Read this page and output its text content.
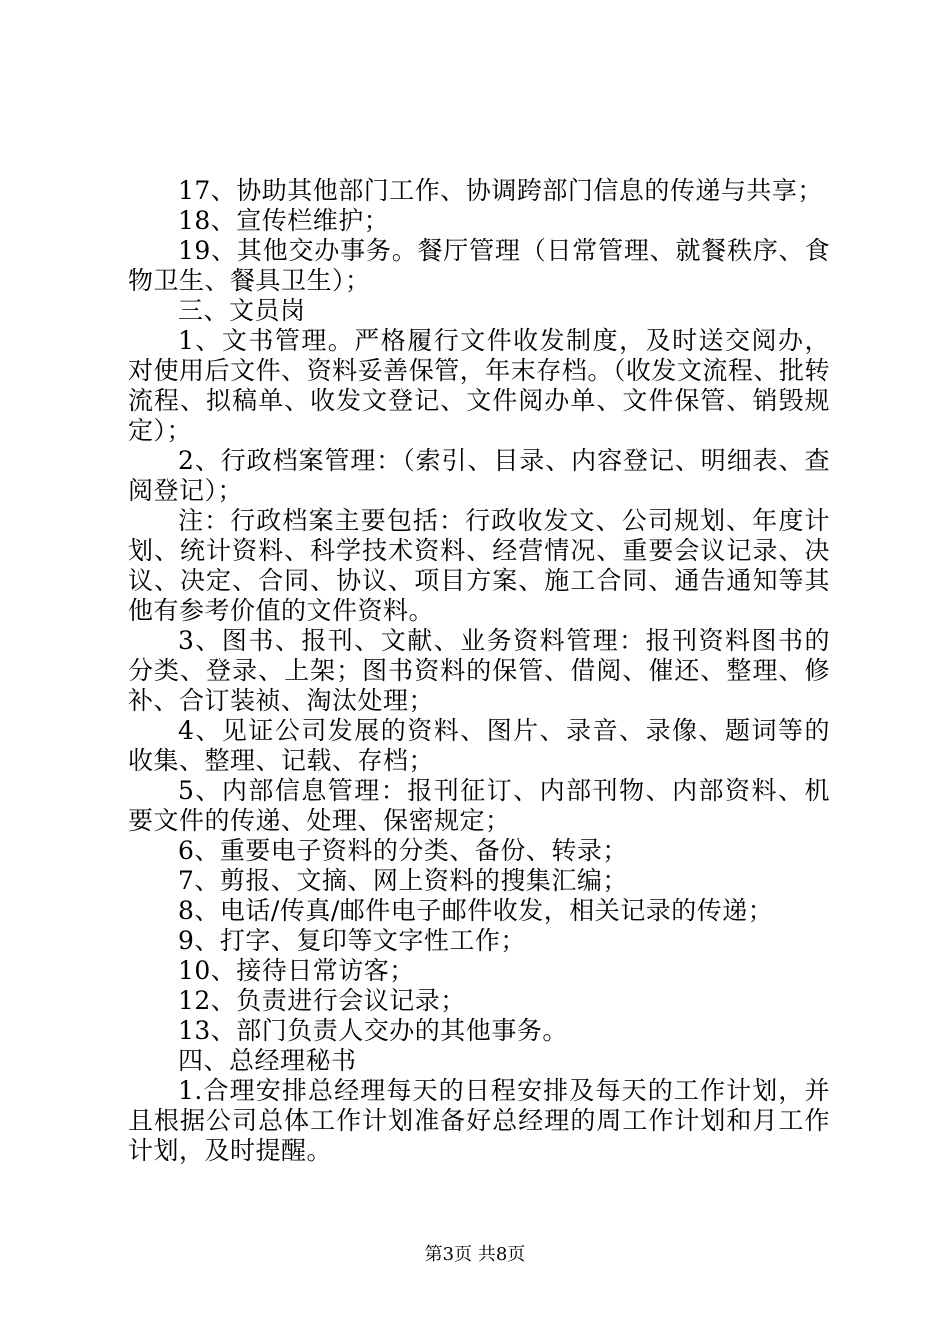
17、协助其他部门工作、协调跨部门信息的传递与共享；

18、宣传栏维护；

19、其他交办事务。餐厅管理（日常管理、就餐秩序、食物卫生、餐具卫生）；

三、文员岗

1、文书管理。严格履行文件收发制度，及时送交阅办，对使用后文件、资料妥善保管，年末存档。（收发文流程、批转流程、拟稿单、收发文登记、文件阅办单、文件保管、销毁规定）；

2、行政档案管理：（索引、目录、内容登记、明细表、查阅登记）；

注：行政档案主要包括：行政收发文、公司规划、年度计划、统计资料、科学技术资料、经营情况、重要会议记录、决议、决定、合同、协议、项目方案、施工合同、通告通知等其他有参考价值的文件资料。

3、图书、报刊、文献、业务资料管理：报刊资料图书的分类、登录、上架；图书资料的保管、借阅、催还、整理、修补、合订装祯、淘汰处理；

4、见证公司发展的资料、图片、录音、录像、题词等的收集、整理、记载、存档；

5、内部信息管理：报刊征订、内部刊物、内部资料、机要文件的传递、处理、保密规定；

6、重要电子资料的分类、备份、转录；

7、剪报、文摘、网上资料的搜集汇编；

8、电话/传真/邮件电子邮件收发，相关记录的传递；

9、打字、复印等文字性工作；

10、接待日常访客；

12、负责进行会议记录；

13、部门负责人交办的其他事务。

四、总经理秘书

1.合理安排总经理每天的日程安排及每天的工作计划，并且根据公司总体工作计划准备好总经理的周工作计划和月工作计划，及时提醒。

第3页 共8页
